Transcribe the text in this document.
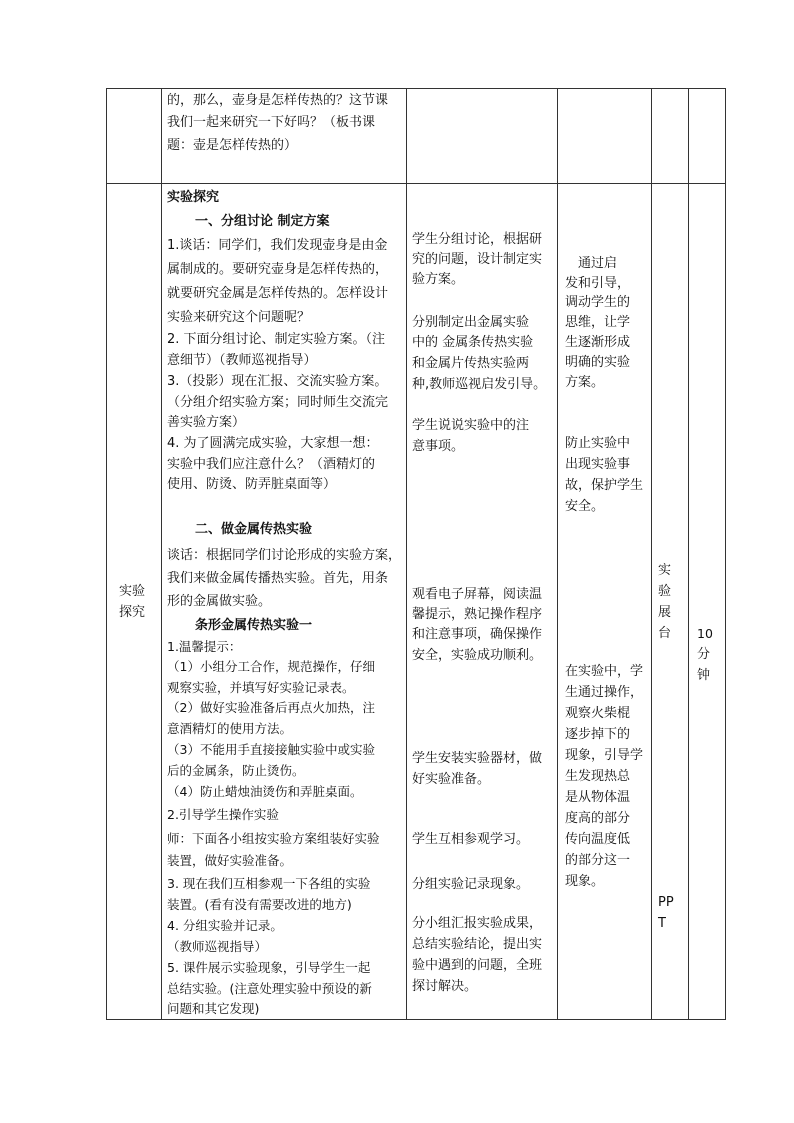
的，那么，壶身是怎样传热的？这节课
我们一起来研究一下好吗？（板书课
题：壶是怎样传热的）
实验
探究
实验探究
一、分组讨论 制定方案
1.谈话：同学们，我们发现壶身是由金
属制成的。要研究壶身是怎样传热的，
就要研究金属是怎样传热的。怎样设计
实验来研究这个问题呢？
2. 下面分组讨论、制定实验方案。（注
意细节）（教师巡视指导）
3.（投影）现在汇报、交流实验方案。
（分组介绍实验方案；同时师生交流完
善实验方案）
4. 为了圆满完成实验，大家想一想：
实验中我们应注意什么？（酒精灯的
使用、防烫、防弄脏桌面等）
二、做金属传热实验
谈话：根据同学们讨论形成的实验方案，
我们来做金属传播热实验。首先，用条
形的金属做实验。
条形金属传热实验一
1.温馨提示：
（1）小组分工合作，规范操作，仔细
观察实验，并填写好实验记录表。
（2）做好实验准备后再点火加热，注
意酒精灯的使用方法。
（3）不能用手直接接触实验中或实验
后的金属条，防止烫伤。
（4）防止蜡烛油烫伤和弄脏桌面。
2.引导学生操作实验
师：下面各小组按实验方案组装好实验
装置，做好实验准备。
3. 现在我们互相参观一下各组的实验
装置。(看有没有需要改进的地方)
4. 分组实验并记录。
（教师巡视指导）
5. 课件展示实验现象，引导学生一起
总结实验。(注意处理实验中预设的新
问题和其它发现)
学生分组讨论，根据研
究的问题，设计制定实
验方案。
分别制定出金属实验
中的 金属条传热实验
和金属片传热实验两
种,教师巡视启发引导。
学生说说实验中的注
意事项。
观看电子屏幕，阅读温
馨提示，熟记操作程序
和注意事项，确保操作
安全，实验成功顺利。
学生安装实验器材，做
好实验准备。
学生互相参观学习。
分组实验记录现象。
分小组汇报实验成果，
总结实验结论，提出实
验中遇到的问题，全班
探讨解决。
　通过启
发和引导，
调动学生的
思维，让学
生逐渐形成
明确的实验
方案。
防止实验中
出现实验事
故，保护学生
安全。
在实验中，学
生通过操作，
观察火柴棍
逐步掉下的
现象，引导学
生发现热总
是从物体温
度高的部分
传向温度低
的部分这一
现象。
实
验
展
台
PP
T
10
分
钟
